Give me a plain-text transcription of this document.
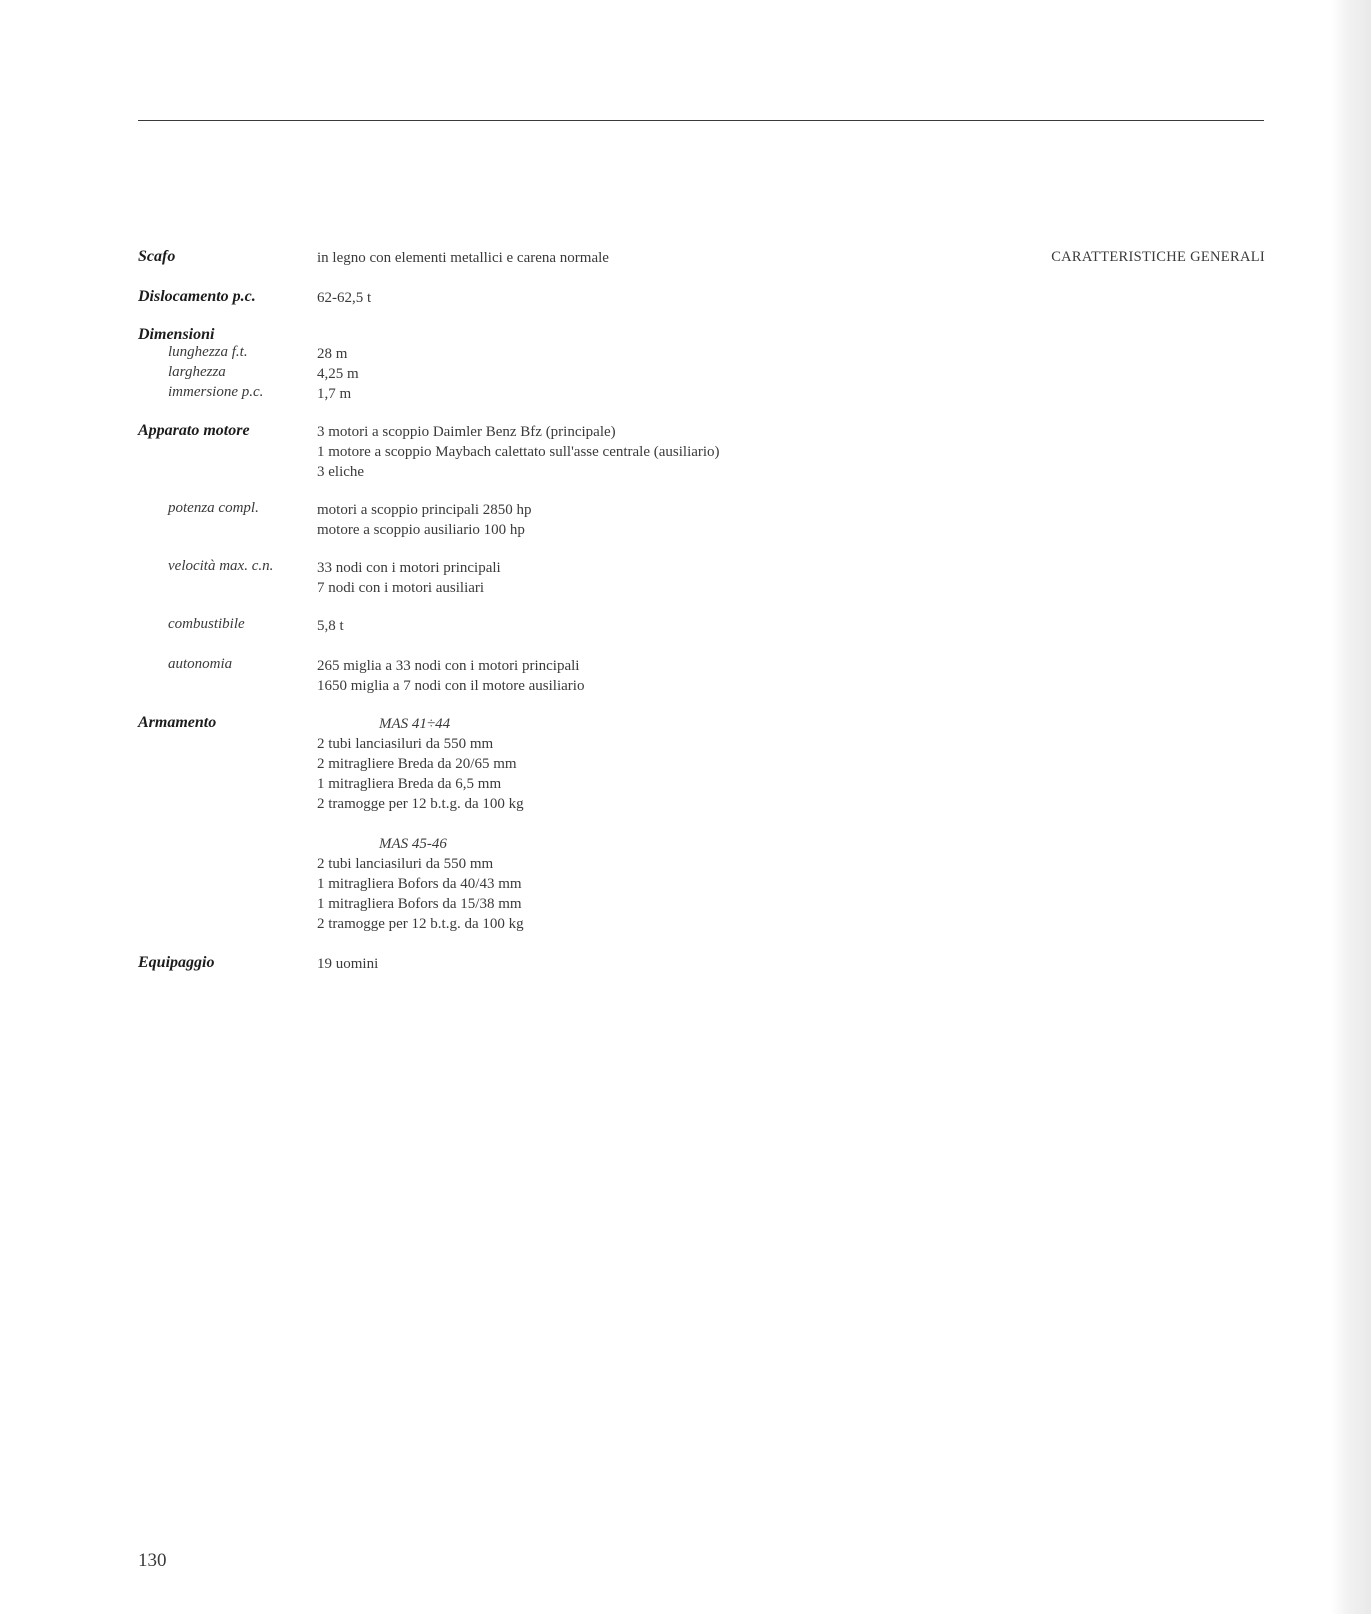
CARATTERISTICHE GENERALI
Scafo	in legno con elementi metallici e carena normale
Dislocamento p.c.	62-62,5 t
Dimensioni
lunghezza f.t.	28 m
larghezza	4,25 m
immersione p.c.	1,7 m
Apparato motore	3 motori a scoppio Daimler Benz Bfz (principale)
1 motore a scoppio Maybach calettato sull'asse centrale (ausiliario)
3 eliche
potenza compl.	motori a scoppio principali 2850 hp
motore a scoppio ausiliario 100 hp
velocità max. c.n.	33 nodi con i motori principali
7 nodi con i motori ausiliari
combustibile	5,8 t
autonomia	265 miglia a 33 nodi con i motori principali
1650 miglia a 7 nodi con il motore ausiliario
Armamento	MAS 41÷44
2 tubi lanciasiluri da 550 mm
2 mitragliere Breda da 20/65 mm
1 mitragliera Breda da 6,5 mm
2 tramogge per 12 b.t.g. da 100 kg
MAS 45-46
2 tubi lanciasiluri da 550 mm
1 mitragliera Bofors da 40/43 mm
1 mitragliera Bofors da 15/38 mm
2 tramogge per 12 b.t.g. da 100 kg
Equipaggio	19 uomini
130
